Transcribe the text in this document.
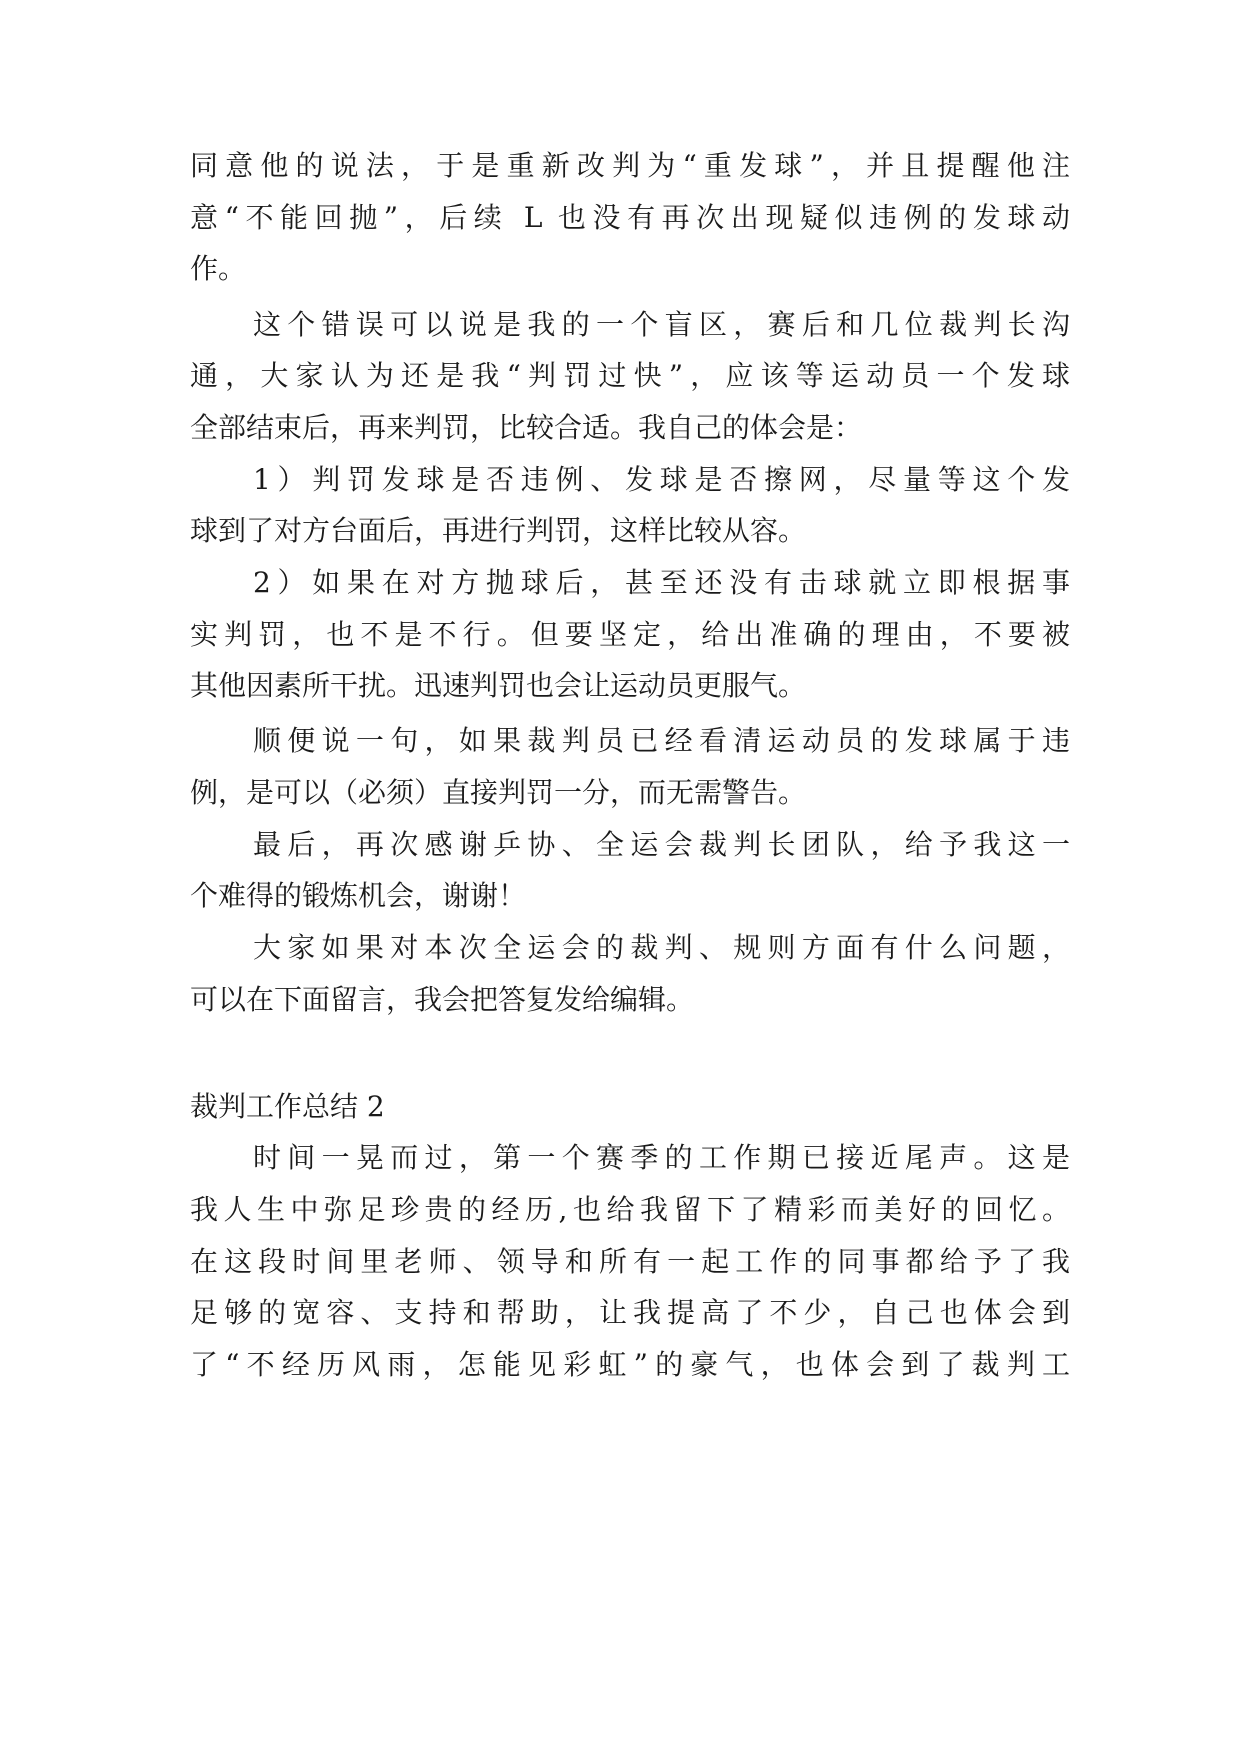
同意他的说法，于是重新改判为“重发球”，并且提醒他注
意“不能回抛”，后续 L 也没有再次出现疑似违例的发球动
作。
这个错误可以说是我的一个盲区，赛后和几位裁判长沟
通，大家认为还是我“判罚过快”，应该等运动员一个发球
全部结束后，再来判罚，比较合适。我自己的体会是：
1）判罚发球是否违例、发球是否擦网，尽量等这个发
球到了对方台面后，再进行判罚，这样比较从容。
2）如果在对方抛球后，甚至还没有击球就立即根据事
实判罚，也不是不行。但要坚定，给出准确的理由，不要被
其他因素所干扰。迅速判罚也会让运动员更服气。
顺便说一句，如果裁判员已经看清运动员的发球属于违
例，是可以（必须）直接判罚一分，而无需警告。
最后，再次感谢乒协、全运会裁判长团队，给予我这一
个难得的锻炼机会，谢谢！
大家如果对本次全运会的裁判、规则方面有什么问题，
可以在下面留言，我会把答复发给编辑。
裁判工作总结 2
时间一晃而过，第一个赛季的工作期已接近尾声。这是
我人生中弥足珍贵的经历,也给我留下了精彩而美好的回忆。
在这段时间里老师、领导和所有一起工作的同事都给予了我
足够的宽容、支持和帮助，让我提高了不少，自己也体会到
了“不经历风雨，怎能见彩虹”的豪气，也体会到了裁判工
